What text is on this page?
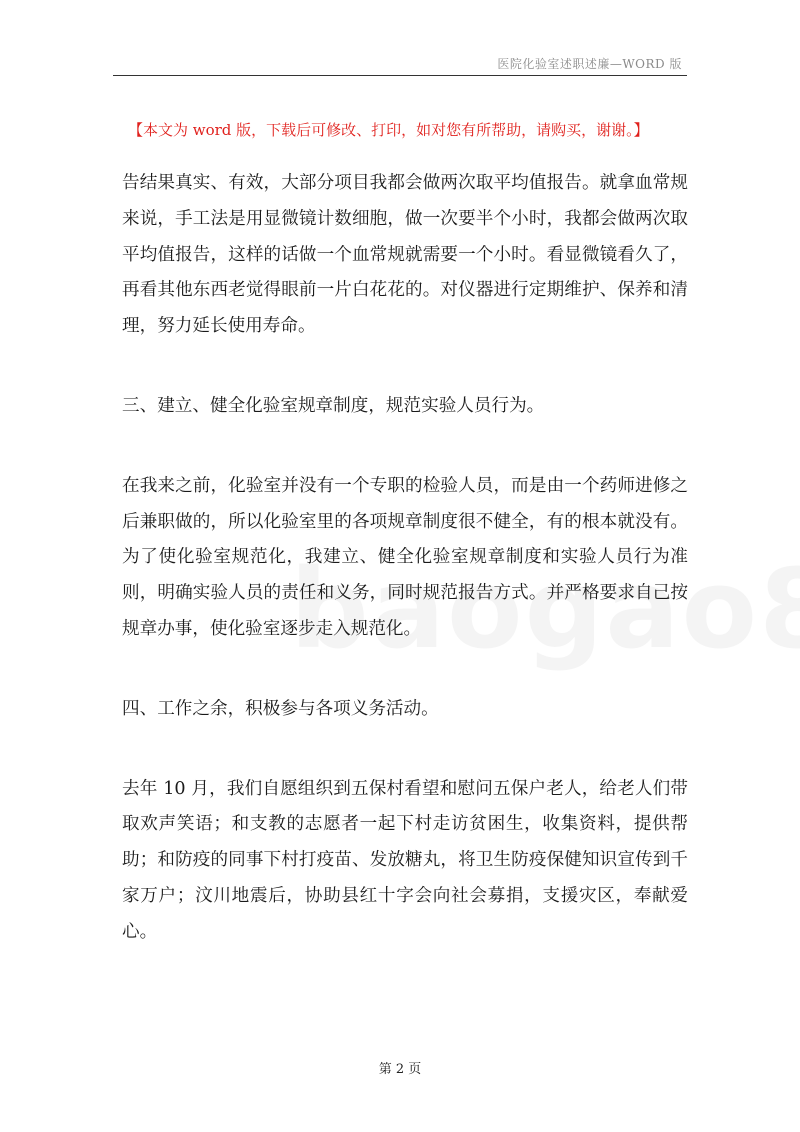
医院化验室述职述廉—WORD 版
【本文为 word 版，下载后可修改、打印，如对您有所帮助，请购买，谢谢。】

告结果真实、有效，大部分项目我都会做两次取平均值报告。就拿血常规来说，手工法是用显微镜计数细胞，做一次要半个小时，我都会做两次取平均值报告，这样的话做一个血常规就需要一个小时。看显微镜看久了，再看其他东西老觉得眼前一片白花花的。对仪器进行定期维护、保养和清理，努力延长使用寿命。

三、建立、健全化验室规章制度，规范实验人员行为。

在我来之前，化验室并没有一个专职的检验人员，而是由一个药师进修之后兼职做的，所以化验室里的各项规章制度很不健全，有的根本就没有。为了使化验室规范化，我建立、健全化验室规章制度和实验人员行为准则，明确实验人员的责任和义务，同时规范报告方式。并严格要求自己按规章办事，使化验室逐步走入规范化。

四、工作之余，积极参与各项义务活动。

去年 10 月，我们自愿组织到五保村看望和慰问五保户老人，给老人们带取欢声笑语；和支教的志愿者一起下村走访贫困生，收集资料，提供帮助；和防疫的同事下村打疫苗、发放糖丸，将卫生防疫保健知识宣传到千家万户；汶川地震后，协助县红十字会向社会募捐，支援灾区，奉献爱心。

第 2 页
